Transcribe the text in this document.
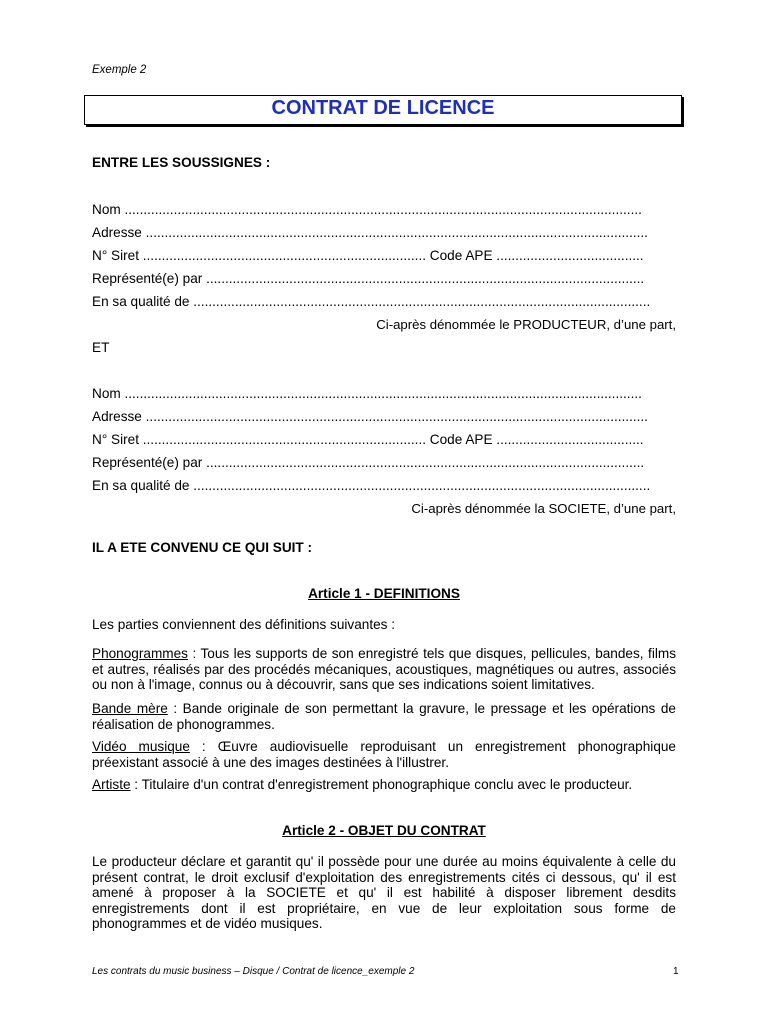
Exemple 2
CONTRAT DE LICENCE
ENTRE LES SOUSSIGNES :
Nom .........................................................................................................................................
Adresse .....................................................................................................................................
N° Siret ........................................................................... Code APE .......................................
Représenté(e) par ....................................................................................................................
En sa qualité de .........................................................................................................................
Ci-après dénommée le PRODUCTEUR, d’une part,
ET
Nom .........................................................................................................................................
Adresse .....................................................................................................................................
N° Siret ........................................................................... Code APE .......................................
Représenté(e) par ....................................................................................................................
En sa qualité de .........................................................................................................................
Ci-après dénommée la SOCIETE, d’une part,
IL A ETE CONVENU CE QUI SUIT :
Article 1 - DEFINITIONS
Les parties conviennent des définitions suivantes :
Phonogrammes : Tous les supports de son enregistré tels que disques, pellicules, bandes, films et autres, réalisés par des procédés mécaniques, acoustiques, magnétiques ou autres, associés ou non à l'image, connus ou à découvrir, sans que ses indications soient limitatives.
Bande mère : Bande originale de son permettant la gravure, le pressage et les opérations de réalisation de phonogrammes.
Vidéo musique : Œuvre audiovisuelle reproduisant un enregistrement phonographique préexistant associé à une des images destinées à l'illustrer.
Artiste : Titulaire d'un contrat d'enregistrement phonographique conclu avec le producteur.
Article 2 - OBJET DU CONTRAT
Le producteur déclare et garantit qu' il possède pour une durée au moins équivalente à celle du présent contrat, le droit exclusif d'exploitation des enregistrements cités ci dessous, qu' il est amené à proposer à la SOCIETE et qu' il est habilité à disposer librement desdits enregistrements dont il est propriétaire, en vue de leur exploitation sous forme de phonogrammes et de vidéo musiques.
Les contrats du music business – Disque / Contrat de licence_exemple 2	1
